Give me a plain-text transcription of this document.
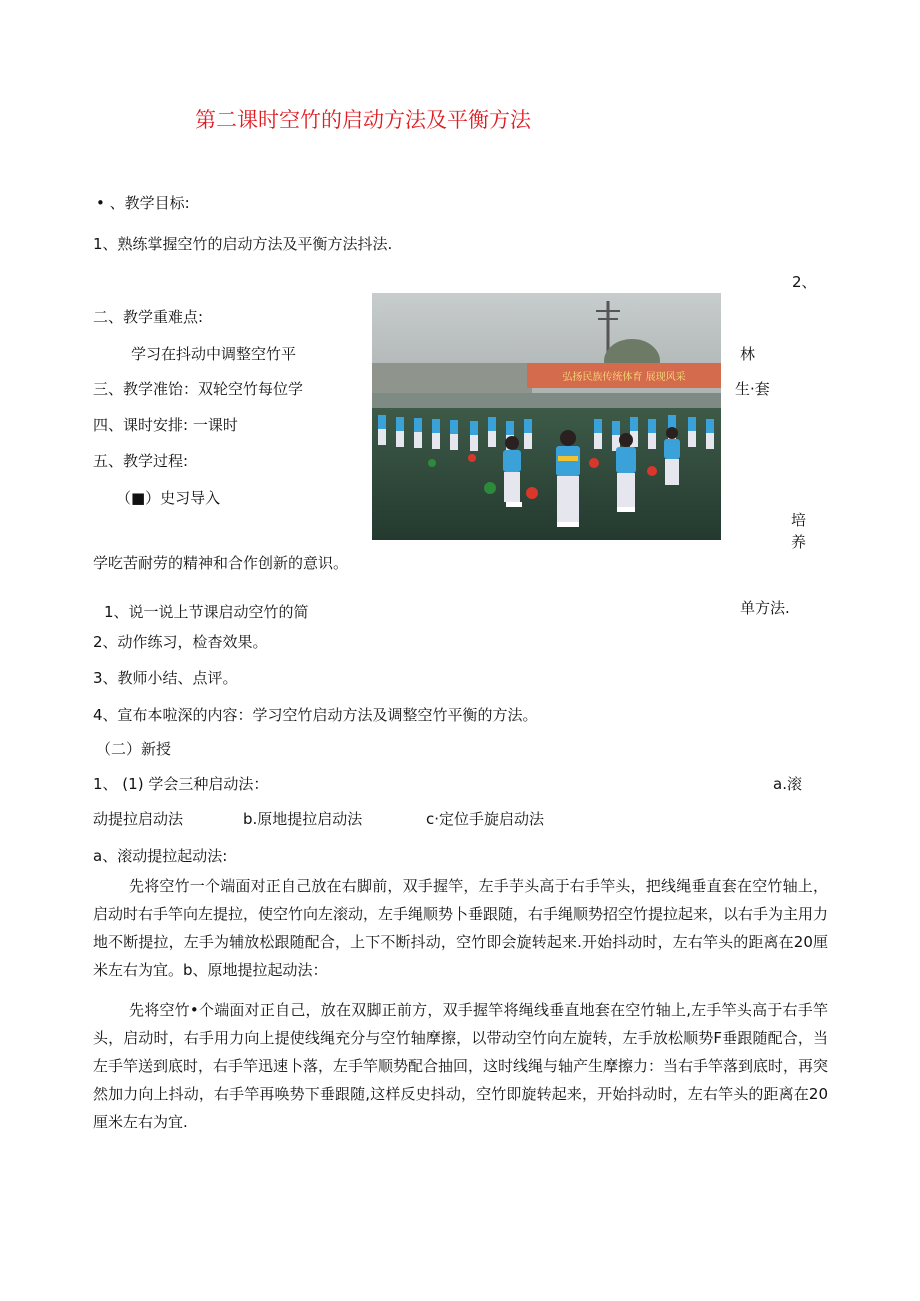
第二课时空竹的启动方法及平衡方法
• 、教学目标:
1、熟练掌握空竹的启动方法及平衡方法抖法.
2、
二、教学重难点:
学习在抖动中调整空竹平	林
三、教学准饴：双轮空竹每位学	生·套
四、课时安排: 一课时
五、教学过程:
（■）史习导入
培
养
学吃苦耐劳的精神和合作创新的意识。
1、说一说上节课启动空竹的简	单方法.
2、动作练习，检杳效果。
3、教师小结、点评。
4、宣布本啦深的内容：学习空竹启动方法及调整空竹平衡的方法。
（二）新授
1、 (1) 学会三种启动法：	a.滚
动提拉启动法	b.原地提拉启动法	c·定位手旋启动法
a、滚动提拉起动法:
先将空竹一个端面对正自己放在右脚前，双手握竿，左手芋头高于右手竿头，把线绳垂直套在空竹轴上，启动时右手竿向左提拉，使空竹向左滚动，左手绳顺势卜垂跟随，右手绳顺势招空竹提拉起来，以右手为主用力地不断提拉，左手为辅放松跟随配合，上下不断抖动，空竹即会旋转起来.开始抖动时，左右竿头的距离在20厘米左右为宜。b、原地提拉起动法：
先将空竹•个端面对正自己，放在双脚正前方，双手握竿将绳线垂直地套在空竹轴上,左手竿头高于右手竿头，启动时，右手用力向上提使线绳充分与空竹轴摩擦，以带动空竹向左旋转，左手放松顺势F垂跟随配合，当左手竿送到底时，右手竿迅速卜落，左手竿顺势配合抽回，这时线绳与轴产生摩擦力：当右手竿落到底时，再突然加力向上抖动，右手竿再唤势下垂跟随,这样反史抖动，空竹即旋转起来，开始抖动时，左右竿头的距离在20厘米左右为宜.
弘扬民族传统体育 展现风采
